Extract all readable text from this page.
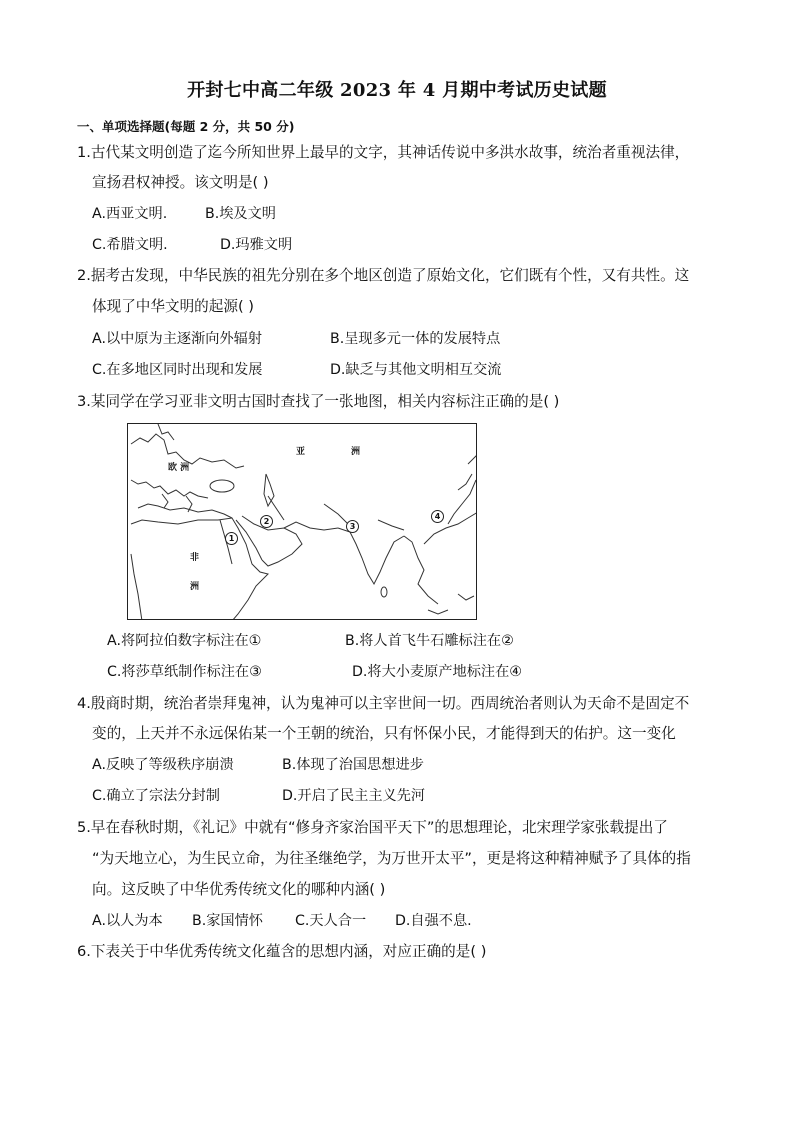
开封七中高二年级 2023 年 4 月期中考试历史试题
一、单项选择题(每题 2 分，共 50 分)
1.古代某文明创造了迄今所知世界上最早的文字，其神话传说中多洪水故事，统治者重视法律，
宣扬君权神授。该文明是( )
A.西亚文明.	B.埃及文明
C.希腊文明.	D.玛雅文明
2.据考古发现，中华民族的祖先分别在多个地区创造了原始文化，它们既有个性，又有共性。这
体现了中华文明的起源( )
A.以中原为主逐渐向外辐射	B.呈现多元一体的发展特点
C.在多地区同时出现和发展	D.缺乏与其他文明相互交流
3.某同学在学习亚非文明古国时查找了一张地图，相关内容标注正确的是( )
欧 洲
亚	洲
非
洲
1
2
3
4
A.将阿拉伯数字标注在①	B.将人首飞牛石雕标注在②
C.将莎草纸制作标注在③	D.将大小麦原产地标注在④
4.殷商时期，统治者崇拜鬼神，认为鬼神可以主宰世间一切。西周统治者则认为天命不是固定不
变的，上天并不永远保佑某一个王朝的统治，只有怀保小民，才能得到天的佑护。这一变化
A.反映了等级秩序崩溃	B.体现了治国思想进步
C.确立了宗法分封制	D.开启了民主主义先河
5.早在春秋时期，《礼记》中就有“修身齐家治国平天下”的思想理论，北宋理学家张载提出了
“为天地立心，为生民立命，为往圣继绝学，为万世开太平”，更是将这种精神赋予了具体的指
向。这反映了中华优秀传统文化的哪种内涵( )
A.以人为本 B.家国情怀 C.天人合一 D.自强不息.
6.下表关于中华优秀传统文化蕴含的思想内涵，对应正确的是( )
